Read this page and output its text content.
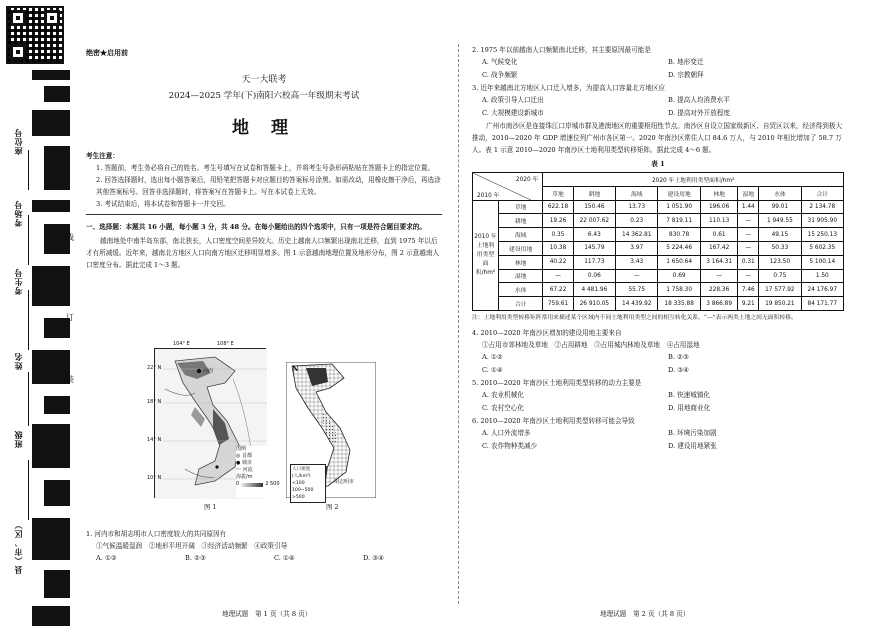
座位号
考场号
考生号
姓名
班级
县（市、区）
线
订
装
绝密★启用前
天一大联考
2024—2025 学年(下)南阳六校高一年级期末考试
地 理
考生注意：
1. 答题前，考生务必将自己的姓名、考生号填写在试卷和答题卡上，并将考生号条形码粘贴在答题卡上的指定位置。
2. 回答选择题时，选出每小题答案后，用铅笔把答题卡对应题目的答案标号涂黑。如需改动，用橡皮擦干净后，再选涂其他答案标号。回答非选择题时，将答案写在答题卡上。写在本试卷上无效。
3. 考试结束后，将本试卷和答题卡一并交回。
一、选择题：本题共 16 小题，每小题 3 分，共 48 分。在每小题给出的四个选项中，只有一项是符合题目要求的。
越南地处中南半岛东部，南北狭长，人口密度空间差异较大。历史上越南人口频繁出现南北迁移，直到 1975 年以后才有所减缓。近年来，越南北方地区人口向南方地区迁移明显增多。图 1 示意越南地理位置及地形分布，图 2 示意越南人口密度分布。据此完成 1～3 题。
22° N
18° N
14° N
10° N
104° E	108° E
河内
图例
◎ 首都
● 城市
〰 河流
海拔/m
0	2 500
图 1
N
胡志明市
人口密度(人/km²)
<100
100~500
>500
图 2
1. 河内市和胡志明市人口密度较大的共同原因有
①气候温暖湿润　②地形平坦开阔　③经济活动频繁　④政策引导
A. ①②	B. ②③	C. ①④	D. ③④
地理试题　第 1 页（共 8 页）
2. 1975 年以前越南人口频繁南北迁移，其主要原因最可能是
A. 气候变化	B. 地形变迁
C. 战争频繁	D. 宗教朝拜
3. 近年来越南北方地区人口迁入增多，为提高人口容量北方地区应
A. 政策引导人口迁出	B. 提高人均消费水平
C. 大规模建设新城市	D. 提高对外开放程度
广州市南沙区是连接珠江口岸城市群及港澳地区的重要枢纽性节点。南沙区自设立国家级新区、自贸区以来，经济得到极大推动，2010—2020 年 GDP 增速位列广州市各区第一。2020 年南沙区常住人口 84.6 万人，与 2010 年相比增加了 58.7 万人。表 1 示意 2010—2020 年南沙区土地利用类型转移矩阵。据此完成 4～6 题。
表 1
2020 年
2010 年		2020 年土地利用类型面积/hm²							
		草地	耕地	海域	建设用地	林地	湿地	水体	合计
2010 年土地利用类型面积/hm²	草地	622.18	150.46	13.73	1 051.90	196.06	1.44	99.01	2 134.78
	耕地	19.26	22 007.62	0.23	7 819.11	110.13	—	1 949.55	31 905.90
	海域	0.35	6.43	14 362.81	830.78	0.61	—	49.15	15 250.13
	建设用地	10.38	145.79	3.97	5 224.46	167.42	—	50.33	5 602.35
	林地	40.22	117.73	3.43	1 650.64	3 164.31	0.31	123.50	5 100.14
	湿地	—	0.06	—	0.69	—	—	0.75	1.50
	水体	67.22	4 481.96	55.75	1 758.30	228.36	7.46	17 577.92	24 176.97
	合计	759.61	26 910.05	14 439.92	18 335.88	3 866.89	9.21	19 850.21	84 171.77
注：土地利用类型转移矩阵常用来描述某个区域内不同土地利用类型之间的相互转化关系，“—”表示两类土地之间无面积转移。
4. 2010—2020 年南沙区增加的建设用地主要来自
①占用市郊林地及草地　②占用耕地　③占用城内林地及草地　④占用湿地
A. ①②	B. ②③
C. ①④	D. ③④
5. 2010—2020 年南沙区土地利用类型转移的动力主要是
A. 农业机械化	B. 快速城镇化
C. 农村空心化	D. 用地商业化
6. 2010—2020 年南沙区土地利用类型转移可能会导致
A. 人口外流增多	B. 环境污染加剧
C. 农作物种类减少	D. 建设用地紧张
地理试题　第 2 页（共 8 页）
